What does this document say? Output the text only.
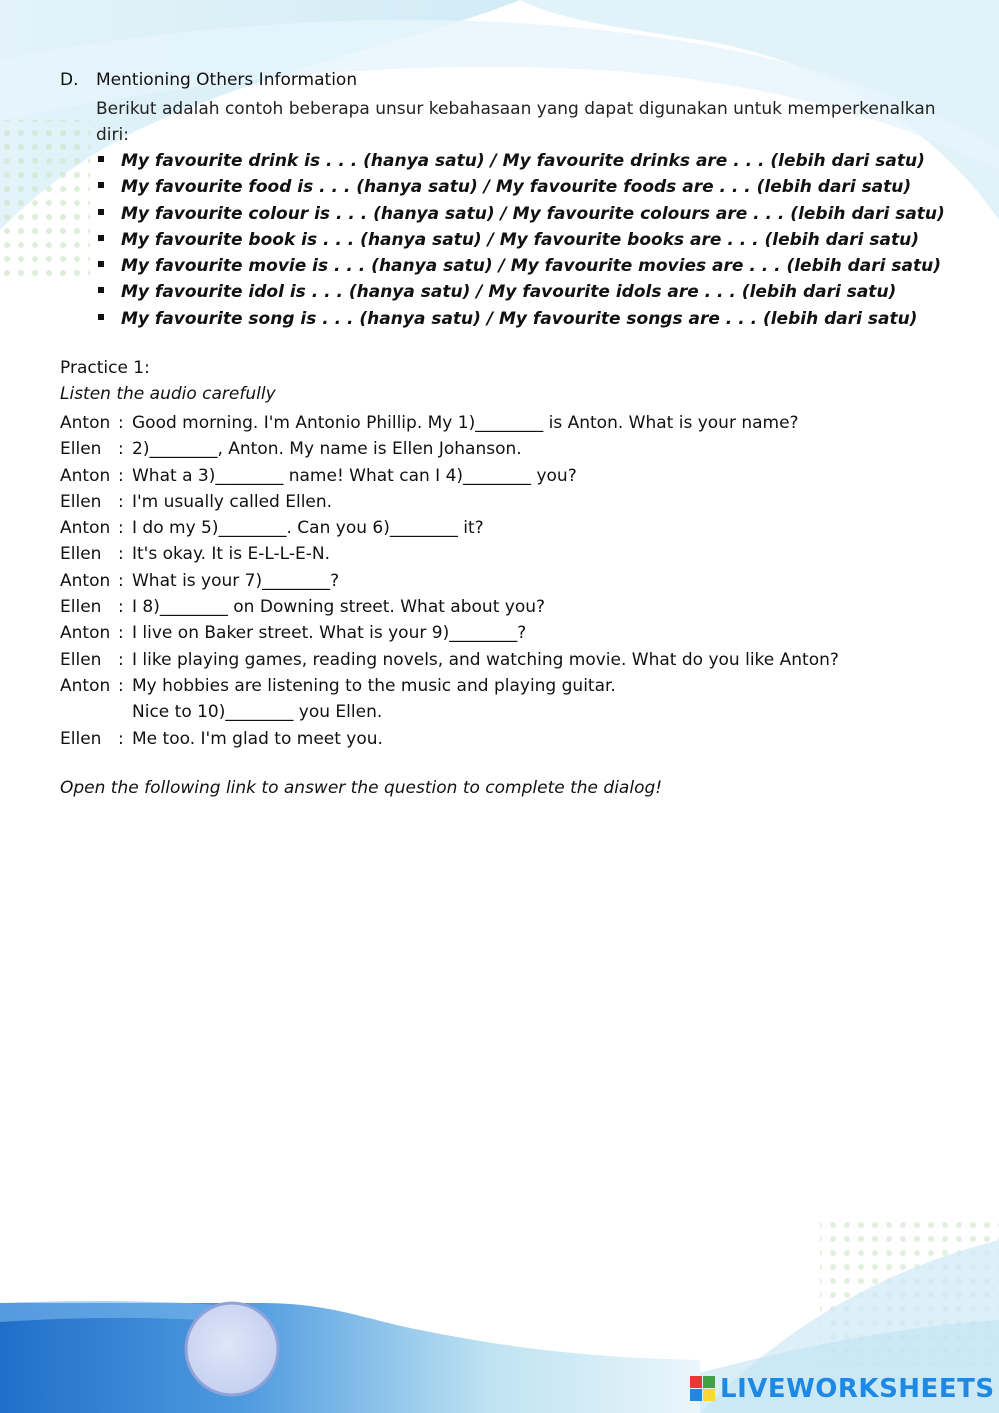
D. Mentioning Others Information
Berikut adalah contoh beberapa unsur kebahasaan yang dapat digunakan untuk memperkenalkan diri:
My favourite drink is . . . (hanya satu) / My favourite drinks are . . . (lebih dari satu)
My favourite food is . . . (hanya satu) / My favourite foods are . . . (lebih dari satu)
My favourite colour is . . . (hanya satu) / My favourite colours are . . . (lebih dari satu)
My favourite book is . . . (hanya satu) / My favourite books are . . . (lebih dari satu)
My favourite movie is . . . (hanya satu) / My favourite movies are . . . (lebih dari satu)
My favourite idol is . . . (hanya satu) / My favourite idols are . . . (lebih dari satu)
My favourite song is . . . (hanya satu) / My favourite songs are . . . (lebih dari satu)
Practice 1:
Listen the audio carefully
Anton : Good morning. I'm Antonio Phillip. My 1)________ is Anton. What is your name?
Ellen : 2)________, Anton. My name is Ellen Johanson.
Anton : What a 3)________ name! What can I 4)________ you?
Ellen : I'm usually called Ellen.
Anton : I do my 5)________. Can you 6)________ it?
Ellen : It's okay. It is E-L-L-E-N.
Anton : What is your 7)________?
Ellen : I 8)________ on Downing street. What about you?
Anton : I live on Baker street. What is your 9)________?
Ellen : I like playing games, reading novels, and watching movie. What do you like Anton?
Anton : My hobbies are listening to the music and playing guitar.
Nice to 10)________ you Ellen.
Ellen : Me too. I'm glad to meet you.
Open the following link to answer the question to complete the dialog!
LIVEWORKSHEETS
